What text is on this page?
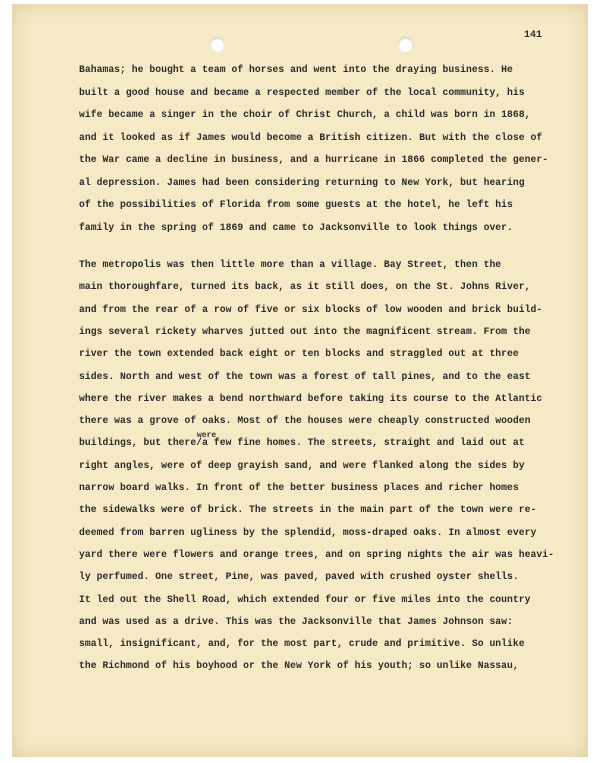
141
Bahamas; he bought a team of horses and went into the draying business. He
built a good house and became a respected member of the local community, his
wife became a singer in the choir of Christ Church, a child was born in 1868,
and it looked as if James would become a British citizen. But with the close of
the War came a decline in business, and a hurricane in 1866 completed the gener-
al depression. James had been considering returning to New York, but hearing
of the possibilities of Florida from some guests at the hotel, he left his
family in the spring of 1869 and came to Jacksonville to look things over.
The metropolis was then little more than a village. Bay Street, then the
main thoroughfare, turned its back, as it still does, on the St. Johns River,
and from the rear of a row of five or six blocks of low wooden and brick build-
ings several rickety wharves jutted out into the magnificent stream. From the
river the town extended back eight or ten blocks and straggled out at three
sides. North and west of the town was a forest of tall pines, and to the east
where the river makes a bend northward before taking its course to the Atlantic
there was a grove of oaks. Most of the houses were cheaply constructed wooden
buildings, but there/a few fine homes. The streets, straight and laid out at
right angles, were of deep grayish sand, and were flanked along the sides by
narrow board walks. In front of the better business places and richer homes
the sidewalks were of brick. The streets in the main part of the town were re-
deemed from barren ugliness by the splendid, moss-draped oaks. In almost every
yard there were flowers and orange trees, and on spring nights the air was heavi-
ly perfumed. One street, Pine, was paved, paved with crushed oyster shells.
It led out the Shell Road, which extended four or five miles into the country
and was used as a drive. This was the Jacksonville that James Johnson saw:
small, insignificant, and, for the most part, crude and primitive. So unlike
the Richmond of his boyhood or the New York of his youth; so unlike Nassau,
were
